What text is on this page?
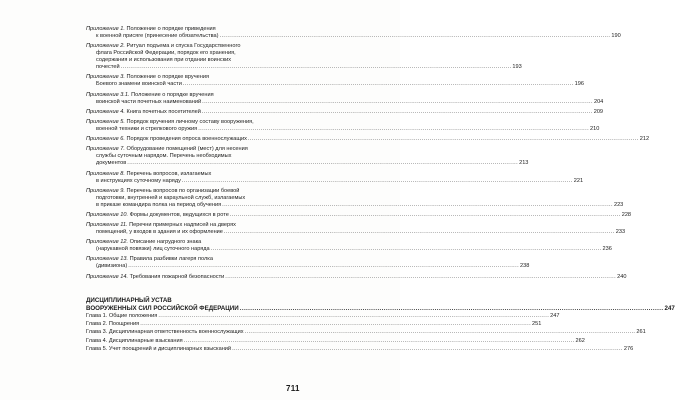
Приложение 1. Положение о порядке приведения
к военной присяге (принесение обязательства) .....	190
Приложение 2. Ритуал подъема и спуска Государственного
флага Российской Федерации, порядок его хранения,
содержания и использования при отдании воинских
почестей .....	193
Приложение 3. Положение о порядке вручения
Боевого знамени воинской части .....	196
Приложение 3.1. Положение о порядке вручения
воинской части почетных наименований .....	204
Приложение 4. Книга почетных посетителей .....	209
Приложение 5. Порядок вручения личному составу вооружения,
военной техники и стрелкового оружия .....	210
Приложение 6. Порядок проведения опроса военнослужащих .....	212
Приложение 7. Оборудование помещений (мест) для несения
службы суточным нарядом. Перечень необходимых
документов .....	213
Приложение 8. Перечень вопросов, излагаемых
в инструкциях суточному наряду .....	221
Приложение 9. Перечень вопросов по организации боевой
подготовки, внутренней и караульной служб, излагаемых
в приказе командира полка на период обучения .....	223
Приложение 10. Формы документов, ведущихся в роте .....	228
Приложение 11. Перечни примерных надписей на дверях
помещений, у входов в здания и их оформление .....	233
Приложение 12. Описание нагрудного знака
(нарукавной повязки) лиц суточного наряда .....	236
Приложение 13. Правила разбивки лагеря полка
(дивизиона) .....	238
Приложение 14. Требования пожарной безопасности .....	240
ДИСЦИПЛИНАРНЫЙ УСТАВ
ВООРУЖЕННЫХ СИЛ РОССИЙСКОЙ ФЕДЕРАЦИИ .....	247
Глава 1. Общие положения .....	247
Глава 2. Поощрения .....	251
Глава 3. Дисциплинарная ответственность военнослужащих .....	261
Глава 4. Дисциплинарные взыскания .....	262
Глава 5. Учет поощрений и дисциплинарных взысканий .....	276
711
